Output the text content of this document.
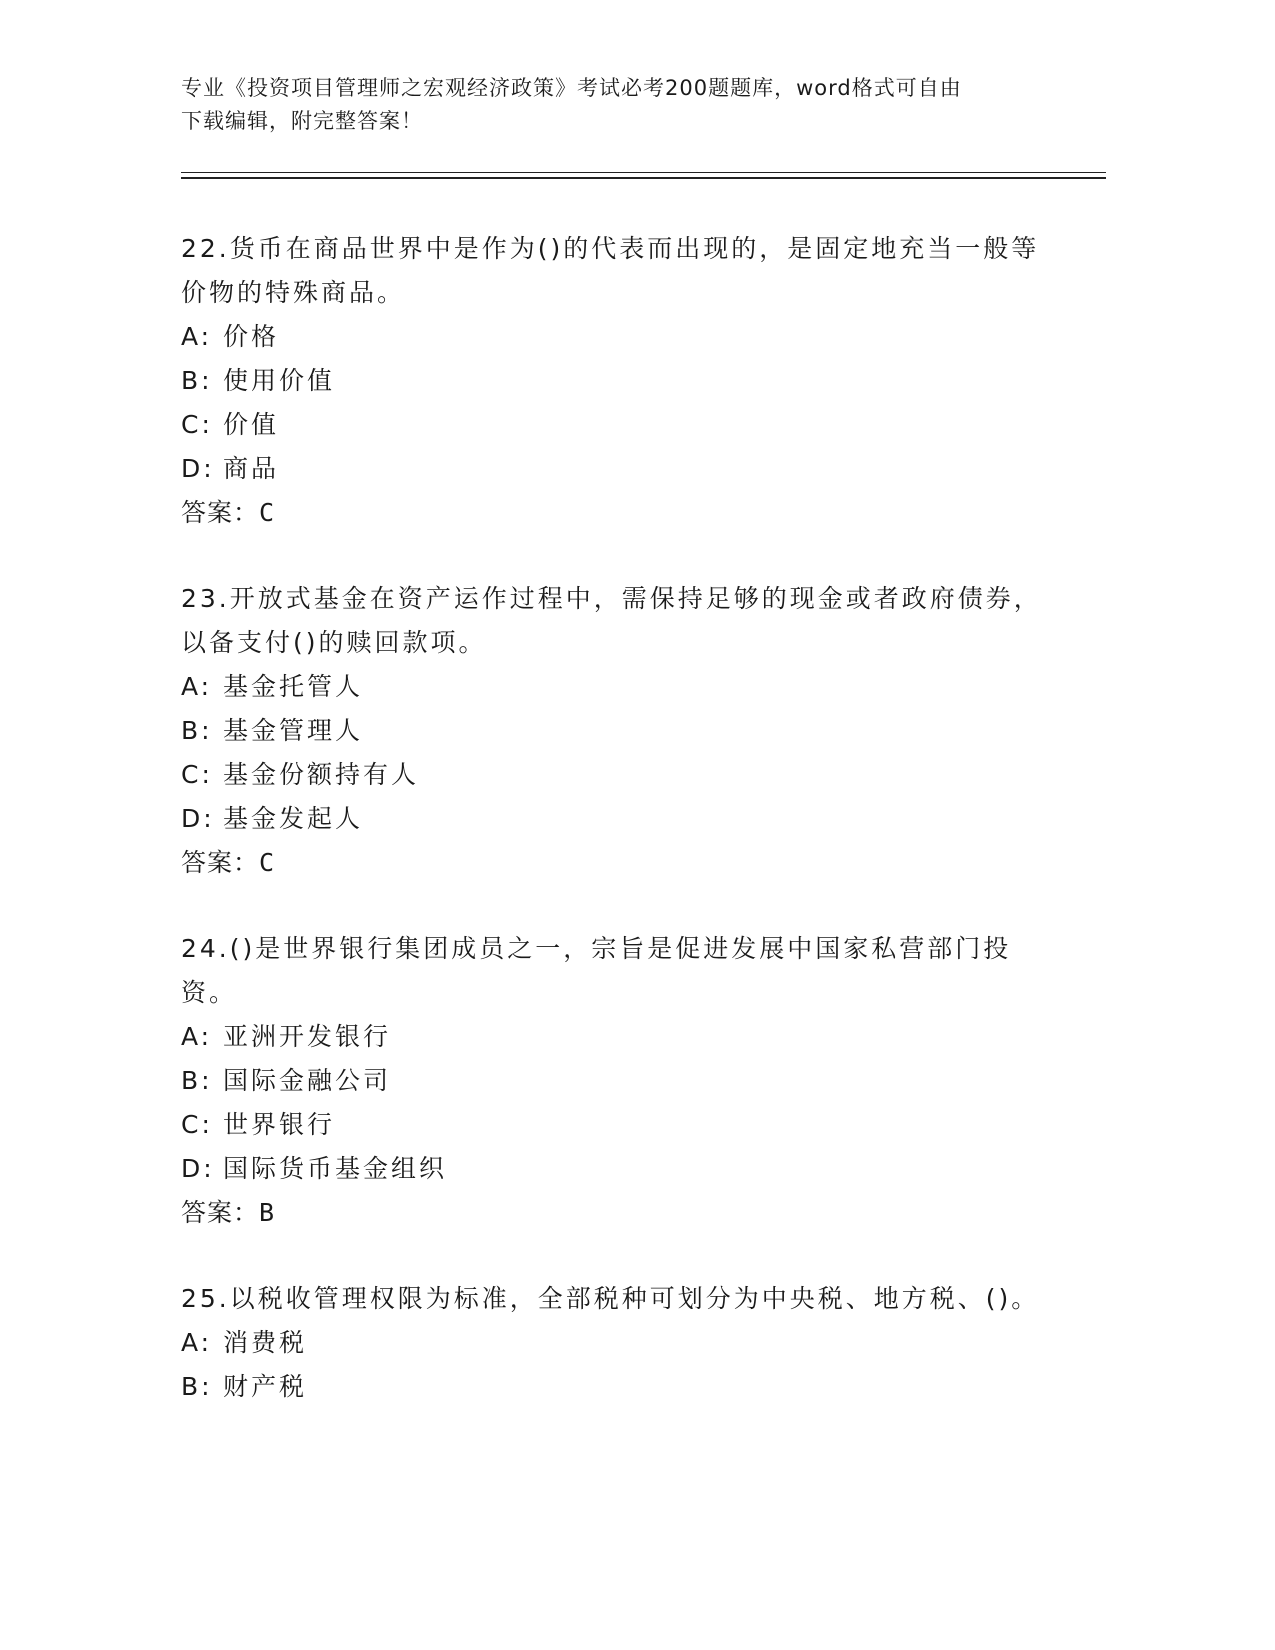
专业《投资项目管理师之宏观经济政策》考试必考200题题库，word格式可自由
下载编辑，附完整答案！

22.货币在商品世界中是作为()的代表而出现的，是固定地充当一般等价物的特殊商品。

A: 价格

B: 使用价值

C: 价值

D: 商品

答案：C

23.开放式基金在资产运作过程中，需保持足够的现金或者政府债券，以备支付()的赎回款项。

A: 基金托管人

B: 基金管理人

C: 基金份额持有人

D: 基金发起人

答案：C

24.()是世界银行集团成员之一，宗旨是促进发展中国家私营部门投资。

A: 亚洲开发银行

B: 国际金融公司

C: 世界银行

D: 国际货币基金组织

答案：B

25.以税收管理权限为标准，全部税种可划分为中央税、地方税、()。

A: 消费税

B: 财产税
